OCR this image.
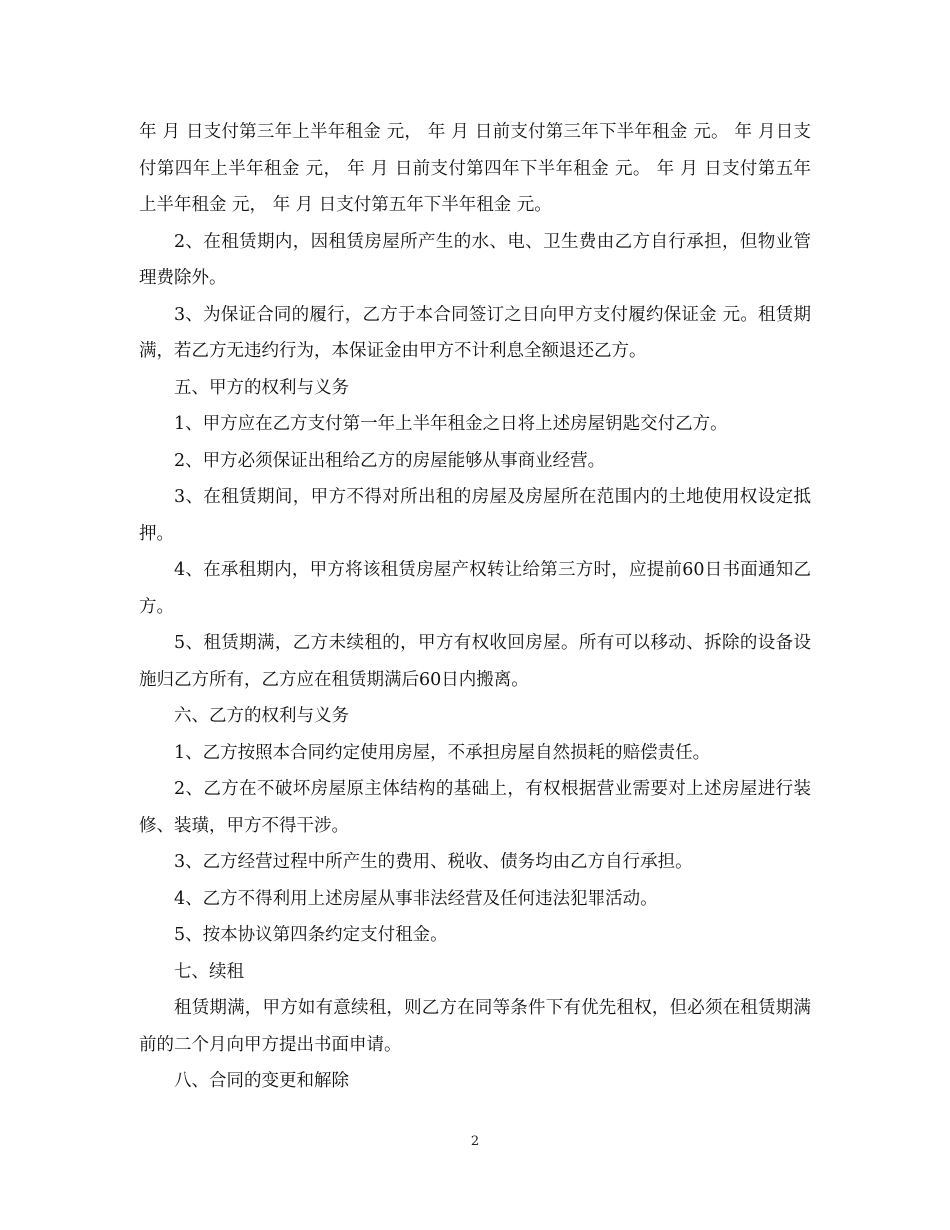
年 月 日支付第三年上半年租金 元， 年 月 日前支付第三年下半年租金 元。 年 月日支付第四年上半年租金 元， 年 月 日前支付第四年下半年租金 元。 年 月 日支付第五年上半年租金 元， 年 月 日支付第五年下半年租金 元。

2、在租赁期内，因租赁房屋所产生的水、电、卫生费由乙方自行承担，但物业管理费除外。

3、为保证合同的履行，乙方于本合同签订之日向甲方支付履约保证金 元。租赁期满，若乙方无违约行为，本保证金由甲方不计利息全额退还乙方。

五、甲方的权利与义务

1、甲方应在乙方支付第一年上半年租金之日将上述房屋钥匙交付乙方。

2、甲方必须保证出租给乙方的房屋能够从事商业经营。

3、在租赁期间，甲方不得对所出租的房屋及房屋所在范围内的土地使用权设定抵押。

4、在承租期内，甲方将该租赁房屋产权转让给第三方时，应提前60日书面通知乙方。

5、租赁期满，乙方未续租的，甲方有权收回房屋。所有可以移动、拆除的设备设施归乙方所有，乙方应在租赁期满后60日内搬离。

六、乙方的权利与义务

1、乙方按照本合同约定使用房屋，不承担房屋自然损耗的赔偿责任。

2、乙方在不破坏房屋原主体结构的基础上，有权根据营业需要对上述房屋进行装修、装璜，甲方不得干涉。

3、乙方经营过程中所产生的费用、税收、债务均由乙方自行承担。

4、乙方不得利用上述房屋从事非法经营及任何违法犯罪活动。

5、按本协议第四条约定支付租金。

七、续租

租赁期满，甲方如有意续租，则乙方在同等条件下有优先租权，但必须在租赁期满前的二个月向甲方提出书面申请。

八、合同的变更和解除

2
